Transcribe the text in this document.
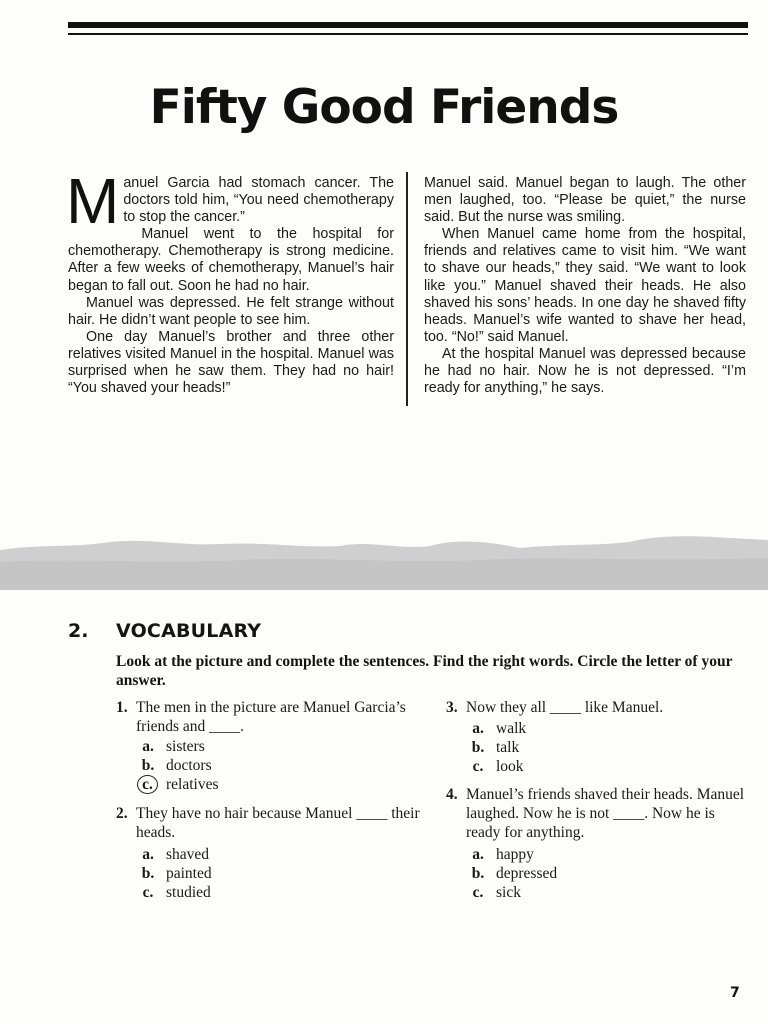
Fifty Good Friends

Manuel Garcia had stomach cancer. The doctors told him, “You need chemotherapy to stop the cancer.”

Manuel went to the hospital for chemotherapy. Chemotherapy is strong medicine. After a few weeks of chemotherapy, Manuel’s hair began to fall out. Soon he had no hair.

Manuel was depressed. He felt strange without hair. He didn’t want people to see him.

One day Manuel’s brother and three other relatives visited Manuel in the hospital. Manuel was surprised when he saw them. They had no hair! “You shaved your heads!”

Manuel said. Manuel began to laugh. The other men laughed, too. “Please be quiet,” the nurse said. But the nurse was smiling.

When Manuel came home from the hospital, friends and relatives came to visit him. “We want to shave our heads,” they said. “We want to look like you.” Manuel shaved their heads. He also shaved his sons’ heads. In one day he shaved fifty heads. Manuel’s wife wanted to shave her head, too. “No!” said Manuel.

At the hospital Manuel was depressed because he had no hair. Now he is not depressed. “I’m ready for anything,” he says.

2. VOCABULARY
Look at the picture and complete the sentences. Find the right words. Circle the letter of your answer.
1. The men in the picture are Manuel Garcia’s friends and ____.
a. sisters
b. doctors
c. relatives
2. They have no hair because Manuel ____ their heads.
a. shaved
b. painted
c. studied
3. Now they all ____ like Manuel.
a. walk
b. talk
c. look
4. Manuel’s friends shaved their heads. Manuel laughed. Now he is not ____. Now he is ready for anything.
a. happy
b. depressed
c. sick
7
